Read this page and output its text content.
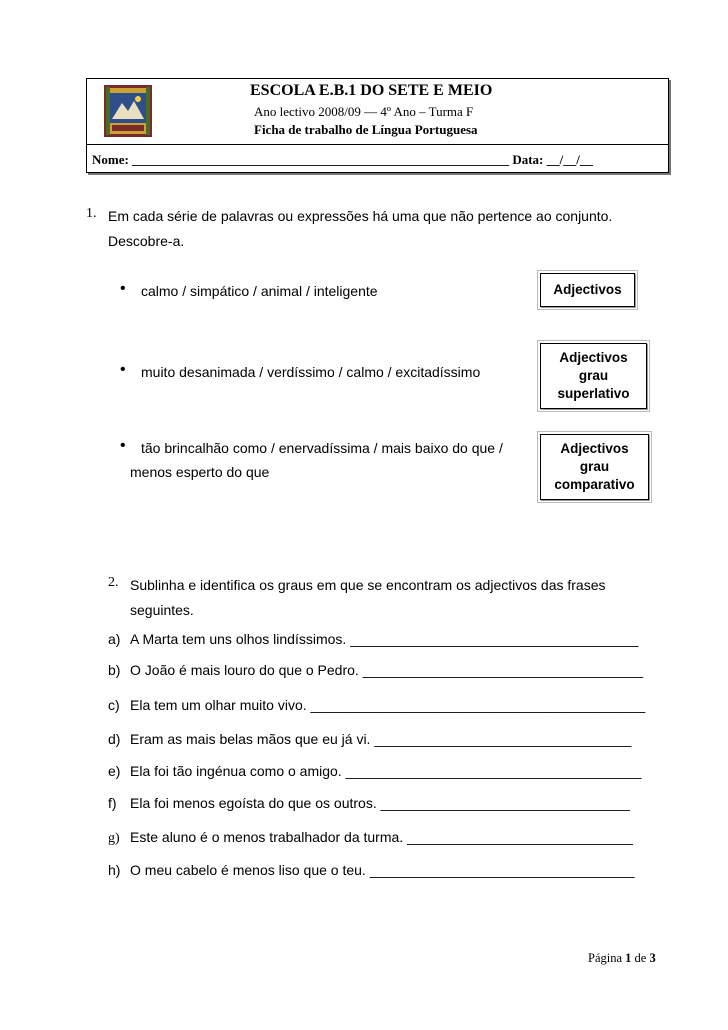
ESCOLA E.B.1 DO SETE E MEIO
Ano lectivo 2008/09 — 4º Ano – Turma F
Ficha de trabalho de Língua Portuguesa
Nome: __________________________________________________________ Data: __/__/__
1. Em cada série de palavras ou expressões há uma que não pertence ao conjunto.
Descobre-a.
• calmo / simpático / animal / inteligente	Adjectivos
• muito desanimada / verdíssimo / calmo / excitadíssimo
Adjectivos
grau
superlativo
• tão brincalhão como / enervadíssima / mais baixo do que /
menos esperto do que
Adjectivos
grau
comparativo
2. Sublinha e identifica os graus em que se encontram os adjectivos das frases
seguintes.
a) A Marta tem uns olhos lindíssimos. _____________________________________
b) O João é mais louro do que o Pedro. ____________________________________
c) Ela tem um olhar muito vivo. ___________________________________________
d) Eram as mais belas mãos que eu já vi. _________________________________
e) Ela foi tão ingénua como o amigo. ______________________________________
f) Ela foi menos egoísta do que os outros. ________________________________
g) Este aluno é o menos trabalhador da turma. _____________________________
h) O meu cabelo é menos liso que o teu. __________________________________
Página 1 de 3
